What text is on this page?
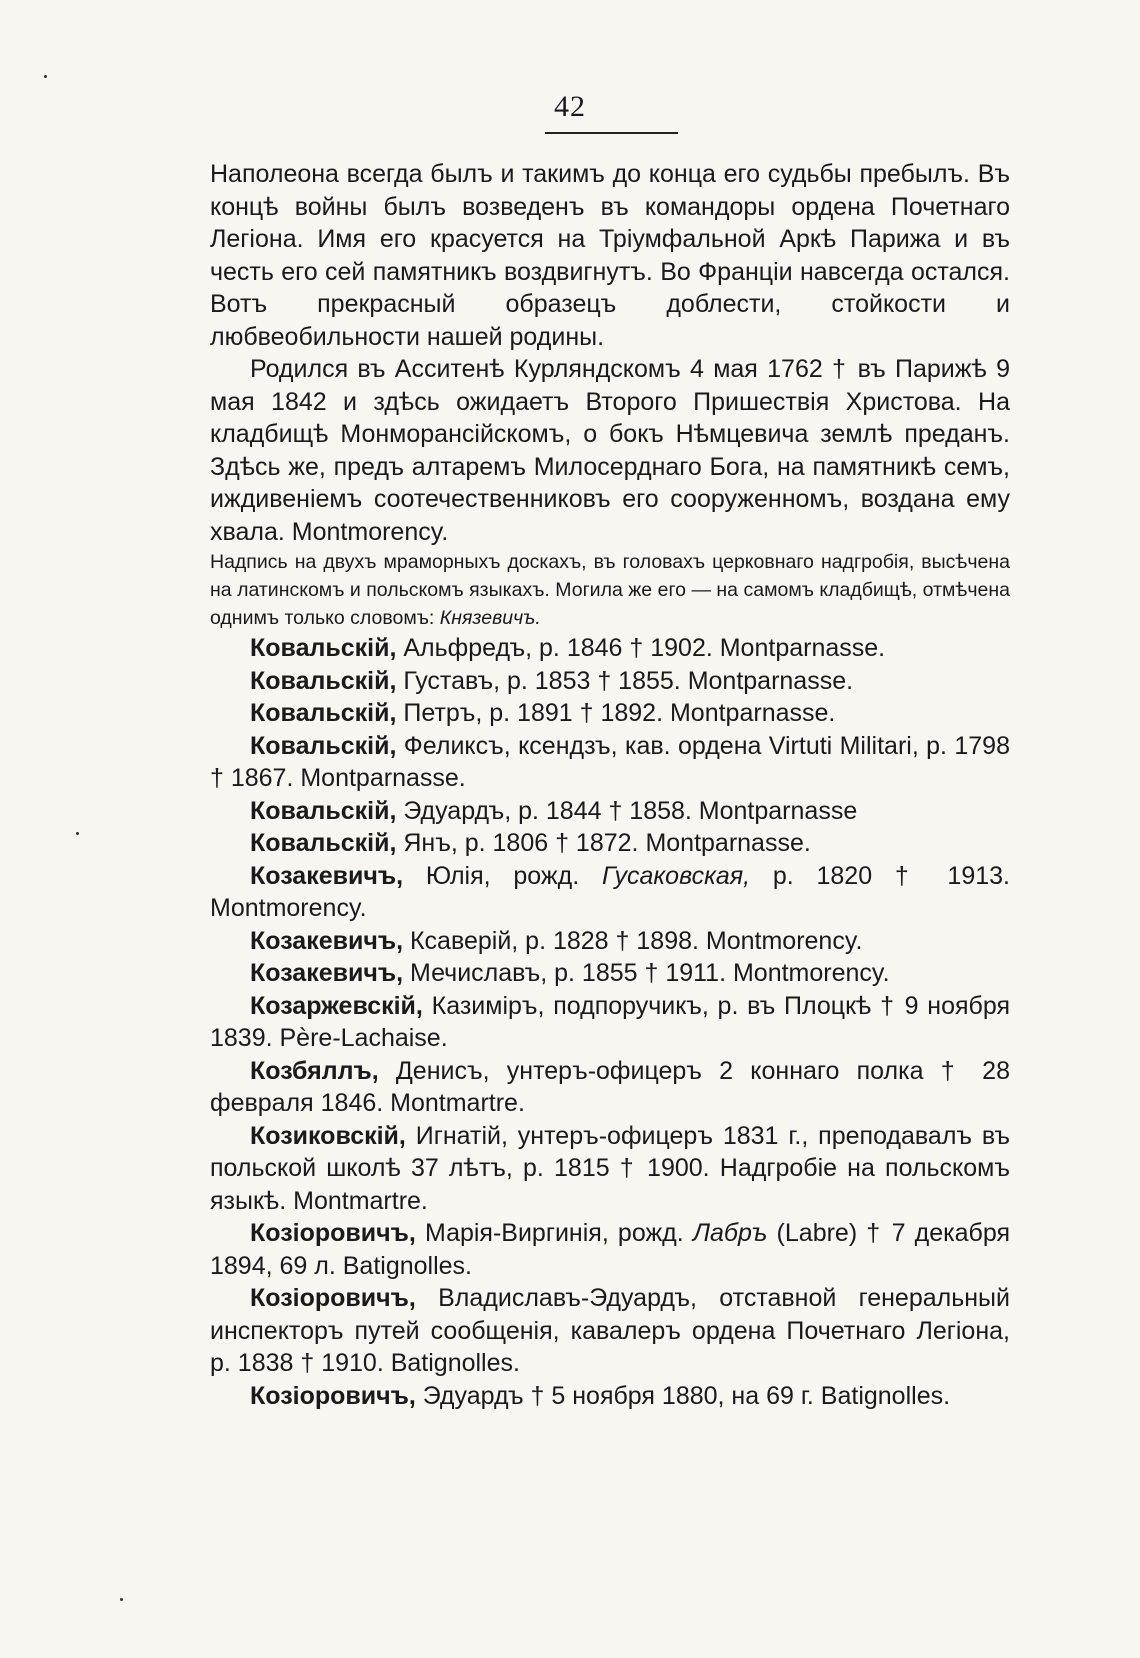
42

Наполеона всегда былъ и такимъ до конца его судьбы пребылъ. Въ концѣ войны былъ возведенъ въ командоры ордена Почетнаго Легiона. Имя его красуется на Трiумфальной Аркѣ Парижа и въ честь его сей памятникъ воздвигнутъ. Во Францiи навсегда остался. Вотъ прекрасный образецъ доблести, стойкости и любвеобильности нашей родины.

Родился въ Асситенѣ Курляндскомъ 4 мая 1762 † въ Парижѣ 9 мая 1842 и здѣсь ожидаетъ Второго Пришествiя Христова. На кладбищѣ Монморансiйскомъ, о бокъ Нѣмцевича землѣ преданъ. Здѣсь же, предъ алтаремъ Милосерднаго Бога, на памятникѣ семъ, иждивенiемъ соотечественниковъ его сооруженномъ, воздана ему хвала. Montmorency.

Надпись на двухъ мраморныхъ доскахъ, въ головахъ церковнаго надгробiя, высѣчена на латинскомъ и польскомъ языкахъ. Могила же его — на самомъ кладбищѣ, отмѣчена однимъ только словомъ: Князевичъ.

Ковальскiй, Альфредъ, р. 1846 † 1902. Montparnasse.

Ковальскiй, Густавъ, р. 1853 † 1855. Montparnasse.

Ковальскiй, Петръ, р. 1891 † 1892. Montparnasse.

Ковальскiй, Феликсъ, ксендзъ, кав. ордена Virtuti Militari, р. 1798 † 1867. Montparnasse.

Ковальскiй, Эдуардъ, р. 1844 † 1858. Montparnasse

Ковальскiй, Янъ, р. 1806 † 1872. Montparnasse.

Козакевичъ, Юлiя, рожд. Гусаковская, р. 1820 † 1913. Montmorency.

Козакевичъ, Ксаверiй, р. 1828 † 1898. Montmorency.

Козакевичъ, Мечиславъ, р. 1855 † 1911. Montmorency.

Козаржевскiй, Казимiръ, подпоручикъ, р. въ Плоцкѣ † 9 ноября 1839. Père-Lachaise.

Козбяллъ, Денисъ, унтеръ-офицеръ 2 коннаго полка † 28 февраля 1846. Montmartre.

Козиковскiй, Игнатiй, унтеръ-офицеръ 1831 г., преподавалъ въ польской школѣ 37 лѣтъ, р. 1815 † 1900. Надгробiе на польскомъ языкѣ. Montmartre.

Козiоровичъ, Марiя-Виргинiя, рожд. Лабръ (Labre) † 7 декабря 1894, 69 л. Batignolles.

Козiоровичъ, Владиславъ-Эдуардъ, отставной генеральный инспекторъ путей сообщенiя, кавалеръ ордена Почетнаго Легiона, р. 1838 † 1910. Batignolles.

Козiоровичъ, Эдуардъ † 5 ноября 1880, на 69 г. Batignolles.
